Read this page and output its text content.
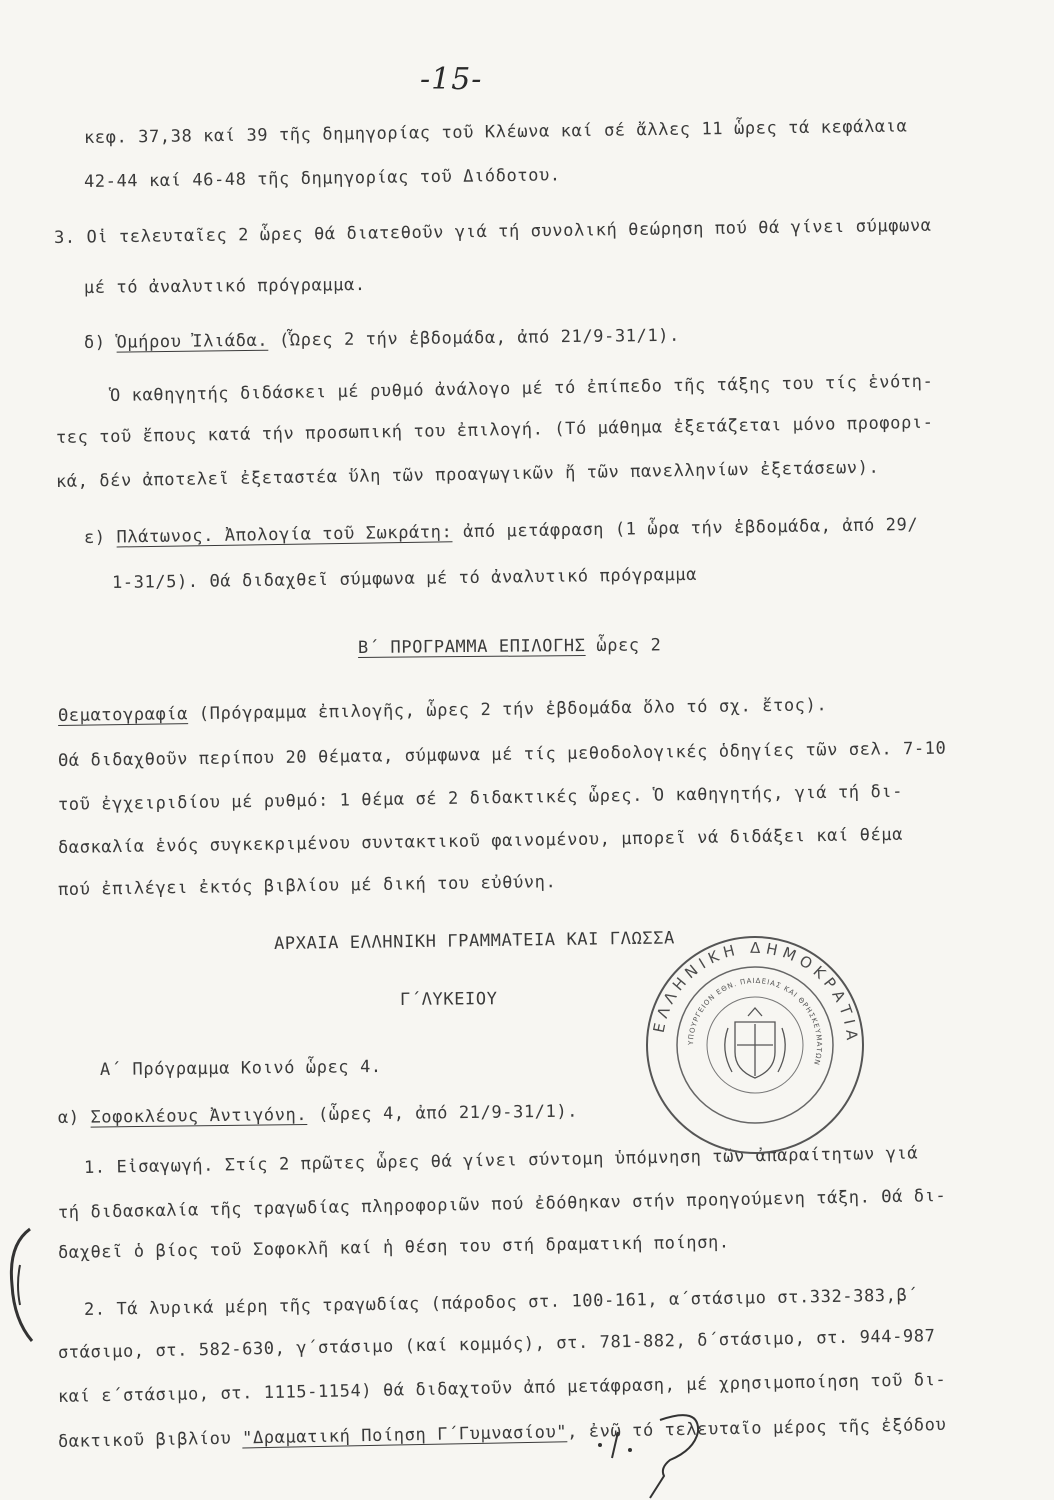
-15-
κεφ. 37,38 καί 39 τῆς δημηγορίας τοῦ Κλέωνα καί σέ ἄλλες 11 ὧρες τά κεφάλαια
42-44 καί 46-48 τῆς δημηγορίας τοῦ Διόδοτου.
3. Οἱ τελευταῖες 2 ὧρες θά διατεθοῦν γιά τή συνολική θεώρηση πού θά γίνει σύμφωνα
μέ τό ἀναλυτικό πρόγραμμα.
δ) Ὁμήρου Ἰλιάδα. (Ὧρες 2 τήν ἑβδομάδα, ἀπό 21/9-31/1).
Ὁ καθηγητής διδάσκει μέ ρυθμό ἀνάλογο μέ τό ἐπίπεδο τῆς τάξης του τίς ἑνότη-
τες τοῦ ἔπους κατά τήν προσωπική του ἐπιλογή. (Τό μάθημα ἐξετάζεται μόνο προφορι-
κά, δέν ἀποτελεῖ ἐξεταστέα ὕλη τῶν προαγωγικῶν ἤ τῶν πανελληνίων ἐξετάσεων).
ε) Πλάτωνος. Ἀπολογία τοῦ Σωκράτη: ἀπό μετάφραση (1 ὧρα τήν ἑβδομάδα, ἀπό 29/
1-31/5). Θά διδαχθεῖ σύμφωνα μέ τό ἀναλυτικό πρόγραμμα
Β΄ ΠΡΟΓΡΑΜΜΑ ΕΠΙΛΟΓΗΣ ὧρες 2
Θεματογραφία (Πρόγραμμα ἐπιλογῆς, ὧρες 2 τήν ἑβδομάδα ὅλο τό σχ. ἔτος).
Θά διδαχθοῦν περίπου 20 θέματα, σύμφωνα μέ τίς μεθοδολογικές ὁδηγίες τῶν σελ. 7-10
τοῦ ἐγχειριδίου μέ ρυθμό: 1 θέμα σέ 2 διδακτικές ὧρες. Ὁ καθηγητής, γιά τή δι-
δασκαλία ἑνός συγκεκριμένου συντακτικοῦ φαινομένου, μπορεῖ νά διδάξει καί θέμα
πού ἐπιλέγει ἐκτός βιβλίου μέ δική του εὐθύνη.
ΑΡΧΑΙΑ ΕΛΛΗΝΙΚΗ ΓΡΑΜΜΑΤΕΙΑ ΚΑΙ ΓΛΩΣΣΑ
Γ΄ΛΥΚΕΙΟΥ
Α΄ Πρόγραμμα Κοινό ὧρες 4.
α) Σοφοκλέους Ἀντιγόνη. (ὧρες 4, ἀπό 21/9-31/1).
1. Εἰσαγωγή. Στίς 2 πρῶτες ὧρες θά γίνει σύντομη ὑπόμνηση τῶν ἀπαραίτητων γιά
τή διδασκαλία τῆς τραγωδίας πληροφοριῶν πού ἐδόθηκαν στήν προηγούμενη τάξη. Θά δι-
δαχθεῖ ὁ βίος τοῦ Σοφοκλῆ καί ἡ θέση του στή δραματική ποίηση.
2. Τά λυρικά μέρη τῆς τραγωδίας (πάροδος στ. 100-161, α΄στάσιμο στ.332-383,β΄
στάσιμο, στ. 582-630, γ΄στάσιμο (καί κομμός), στ. 781-882, δ΄στάσιμο, στ. 944-987
καί ε΄στάσιμο, στ. 1115-1154) θά διδαχτοῦν ἀπό μετάφραση, μέ χρησιμοποίηση τοῦ δι-
δακτικοῦ βιβλίου "Δραματική Ποίηση Γ΄Γυμνασίου", ἐνῶ τό τελευταῖο μέρος τῆς ἐξόδου
ΕΛΛΗΝΙΚΗ ΔΗΜΟΚΡΑΤΙΑ
ΥΠΟΥΡΓΕΙΟΝ ΕΘΝ. ΠΑΙΔΕΙΑΣ ΚΑΙ ΘΡΗΣΚΕΥΜΑΤΩΝ
